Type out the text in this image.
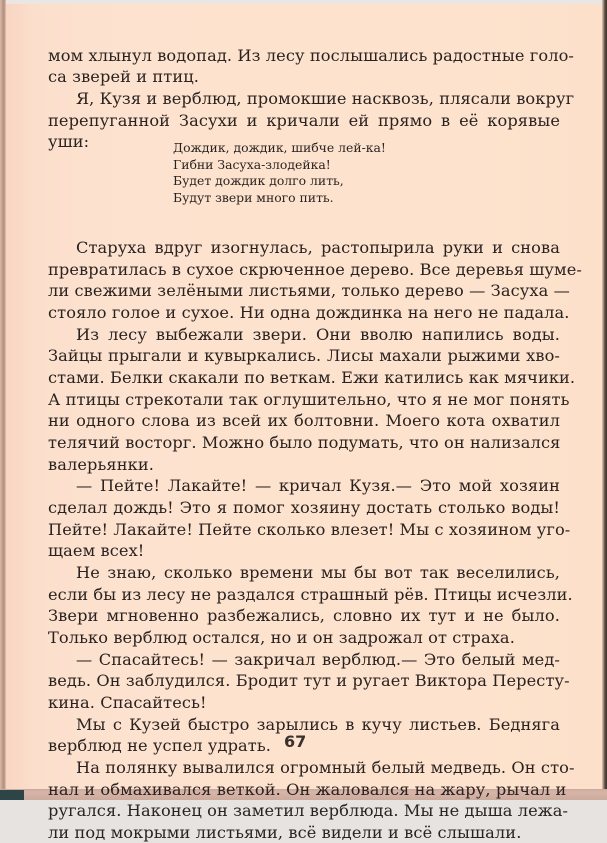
мом хлынул водопад. Из лесу послышались радостные голо-
са зверей и птиц.
Я, Кузя и верблюд, промокшие насквозь, плясали вокруг
перепуганной Засухи и кричали ей прямо в её корявые
уши:
Старуха вдруг изогнулась, растопырила руки и снова
превратилась в сухое скрюченное дерево. Все деревья шуме-
ли свежими зелёными листьями, только дерево — Засуха —
стояло голое и сухое. Ни одна дождинка на него не падала.
Из лесу выбежали звери. Они вволю напились воды.
Зайцы прыгали и кувыркались. Лисы махали рыжими хво-
стами. Белки скакали по веткам. Ежи катились как мячики.
А птицы стрекотали так оглушительно, что я не мог понять
ни одного слова из всей их болтовни. Моего кота охватил
телячий восторг. Можно было подумать, что он нализался
валерьянки.
— Пейте! Лакайте! — кричал Кузя.— Это мой хозяин
сделал дождь! Это я помог хозяину достать столько воды!
Пейте! Лакайте! Пейте сколько влезет! Мы с хозяином уго-
щаем всех!
Не знаю, сколько времени мы бы вот так веселились,
если бы из лесу не раздался страшный рёв. Птицы исчезли.
Звери мгновенно разбежались, словно их тут и не было.
Только верблюд остался, но и он задрожал от страха.
— Спасайтесь! — закричал верблюд.— Это белый мед-
ведь. Он заблудился. Бродит тут и ругает Виктора Пересту-
кина. Спасайтесь!
Мы с Кузей быстро зарылись в кучу листьев. Бедняга
верблюд не успел удрать.
На полянку вывалился огромный белый медведь. Он сто-
нал и обмахивался веткой. Он жаловался на жару, рычал и
ругался. Наконец он заметил верблюда. Мы не дыша лежа-
ли под мокрыми листьями, всё видели и всё слышали.
Дождик, дождик, шибче лей-ка!
Гибни Засуха-злодейка!
Будет дождик долго лить,
Будут звери много пить.
67
